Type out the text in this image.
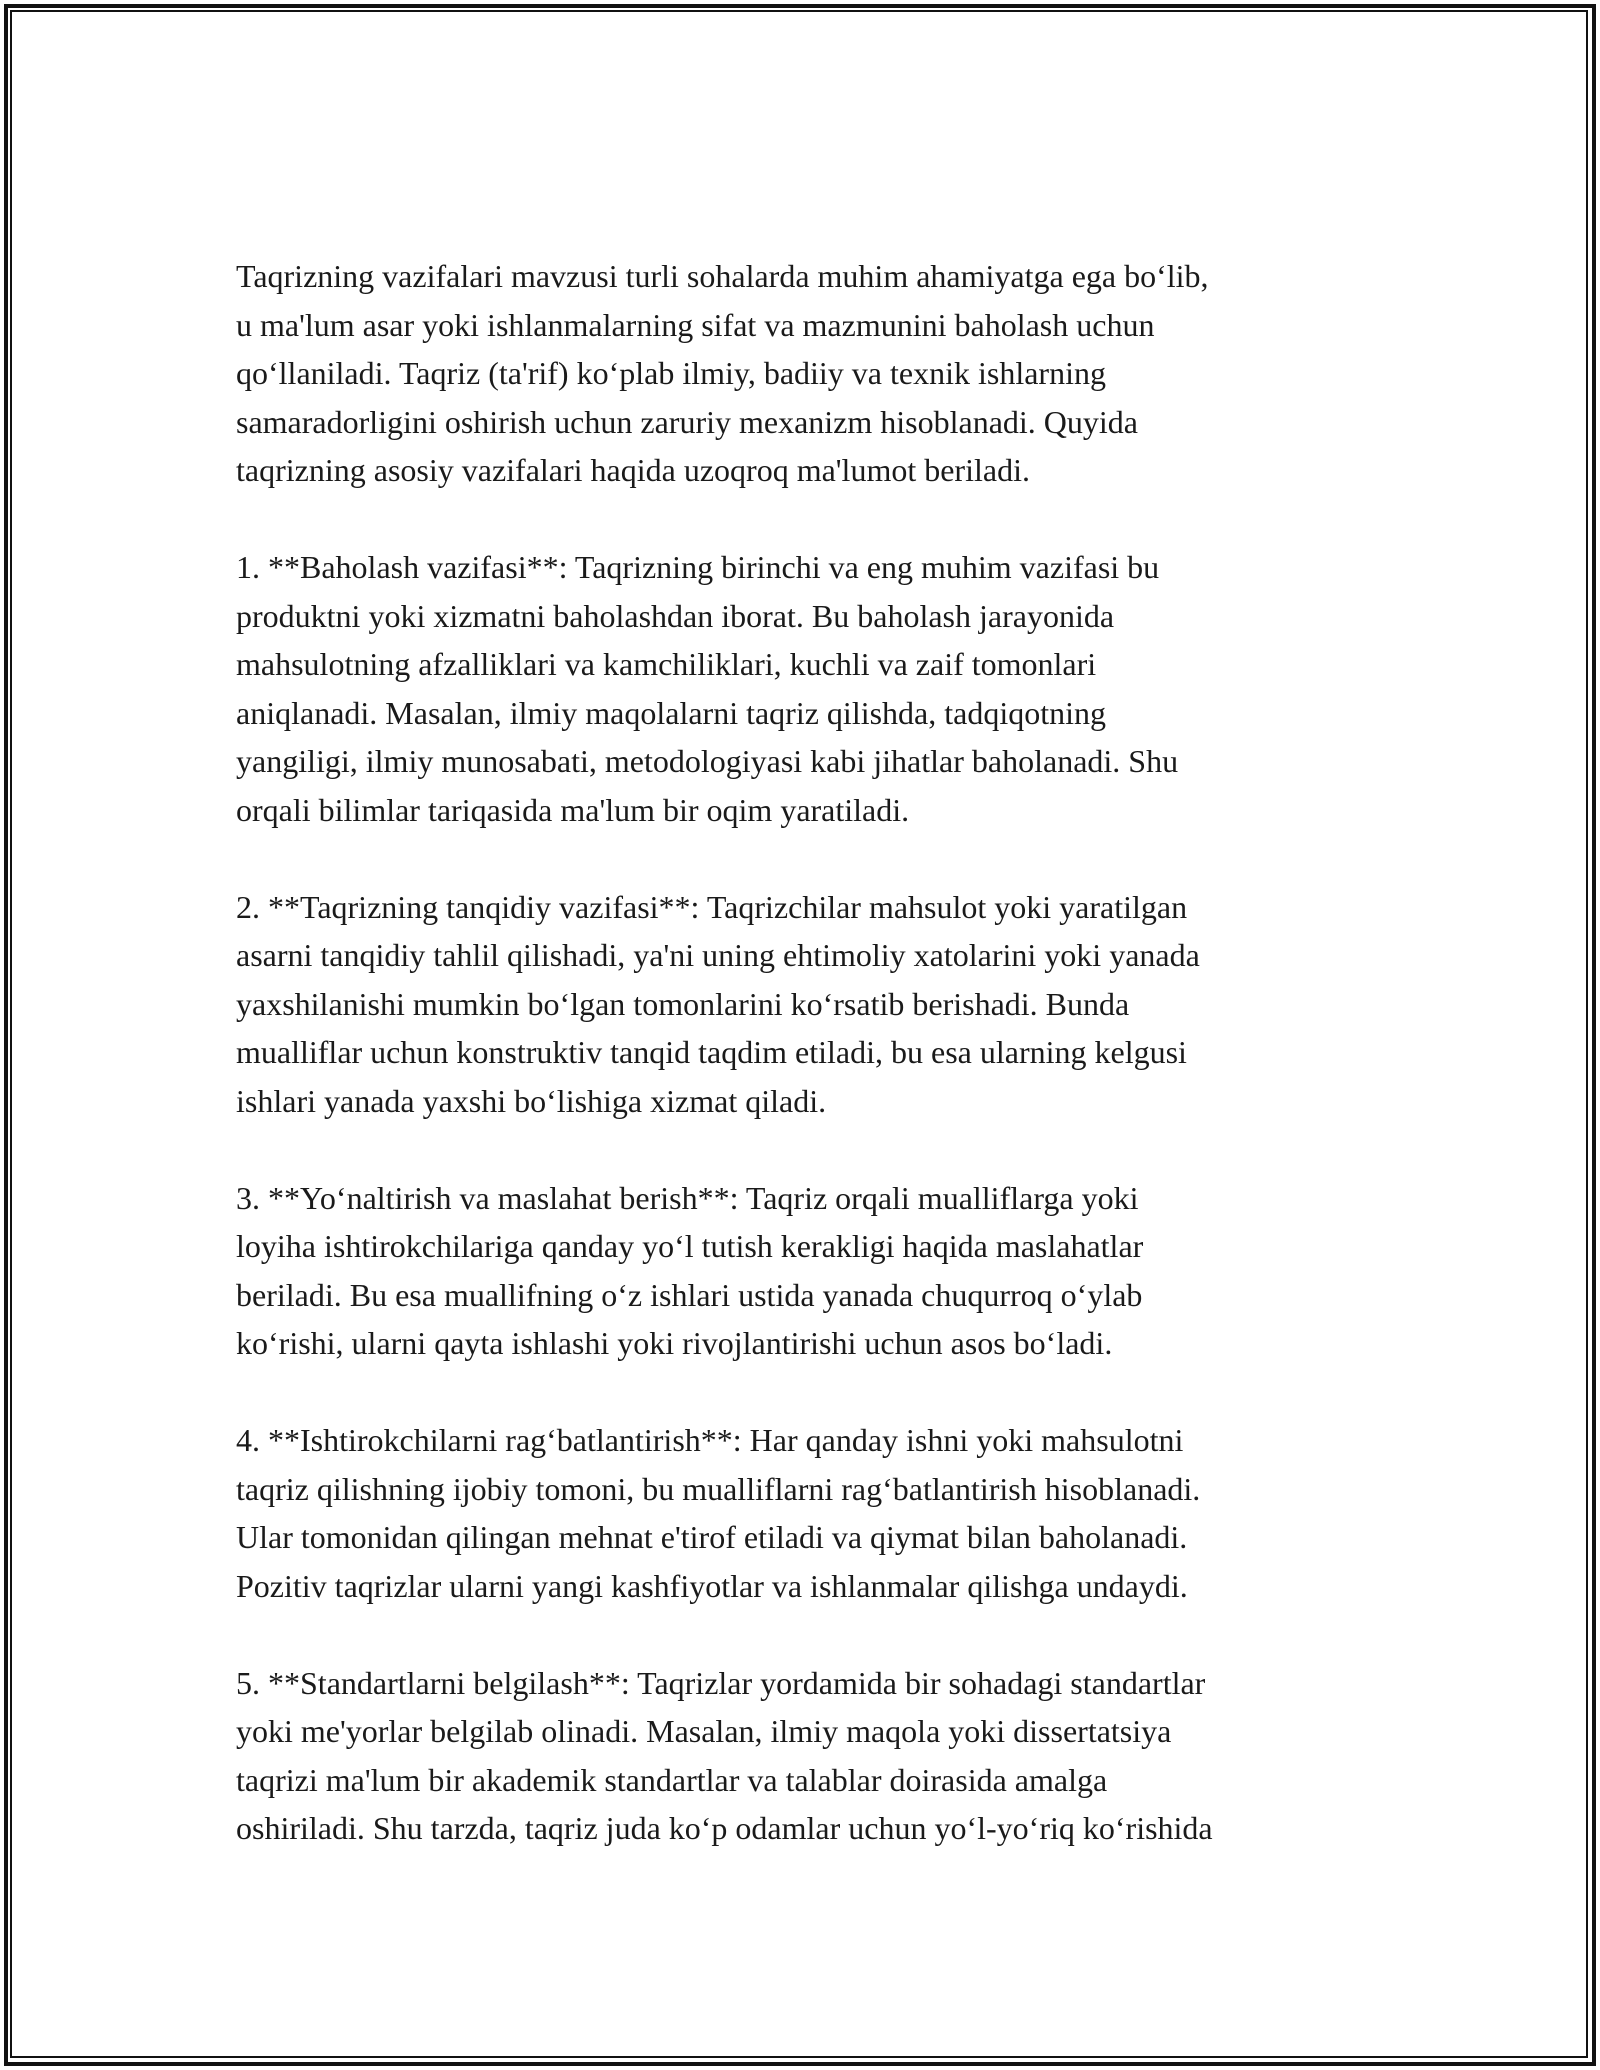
Taqrizning vazifalari mavzusi turli sohalarda muhim ahamiyatga ega bo‘lib,
u ma'lum asar yoki ishlanmalarning sifat va mazmunini baholash uchun
qo‘llaniladi. Taqriz (ta'rif) ko‘plab ilmiy, badiiy va texnik ishlarning
samaradorligini oshirish uchun zaruriy mexanizm hisoblanadi. Quyida
taqrizning asosiy vazifalari haqida uzoqroq ma'lumot beriladi.

1. **Baholash vazifasi**: Taqrizning birinchi va eng muhim vazifasi bu
produktni yoki xizmatni baholashdan iborat. Bu baholash jarayonida
mahsulotning afzalliklari va kamchiliklari, kuchli va zaif tomonlari
aniqlanadi. Masalan, ilmiy maqolalarni taqriz qilishda, tadqiqotning
yangiligi, ilmiy munosabati, metodologiyasi kabi jihatlar baholanadi. Shu
orqali bilimlar tariqasida ma'lum bir oqim yaratiladi.

2. **Taqrizning tanqidiy vazifasi**: Taqrizchilar mahsulot yoki yaratilgan
asarni tanqidiy tahlil qilishadi, ya'ni uning ehtimoliy xatolarini yoki yanada
yaxshilanishi mumkin bo‘lgan tomonlarini ko‘rsatib berishadi. Bunda
mualliflar uchun konstruktiv tanqid taqdim etiladi, bu esa ularning kelgusi
ishlari yanada yaxshi bo‘lishiga xizmat qiladi.

3. **Yo‘naltirish va maslahat berish**: Taqriz orqali mualliflarga yoki
loyiha ishtirokchilariga qanday yo‘l tutish kerakligi haqida maslahatlar
beriladi. Bu esa muallifning o‘z ishlari ustida yanada chuqurroq o‘ylab
ko‘rishi, ularni qayta ishlashi yoki rivojlantirishi uchun asos bo‘ladi.

4. **Ishtirokchilarni rag‘batlantirish**: Har qanday ishni yoki mahsulotni
taqriz qilishning ijobiy tomoni, bu mualliflarni rag‘batlantirish hisoblanadi.
Ular tomonidan qilingan mehnat e'tirof etiladi va qiymat bilan baholanadi.
Pozitiv taqrizlar ularni yangi kashfiyotlar va ishlanmalar qilishga undaydi.

5. **Standartlarni belgilash**: Taqrizlar yordamida bir sohadagi standartlar
yoki me'yorlar belgilab olinadi. Masalan, ilmiy maqola yoki dissertatsiya
taqrizi ma'lum bir akademik standartlar va talablar doirasida amalga
oshiriladi. Shu tarzda, taqriz juda ko‘p odamlar uchun yo‘l-yo‘riq ko‘rishida
